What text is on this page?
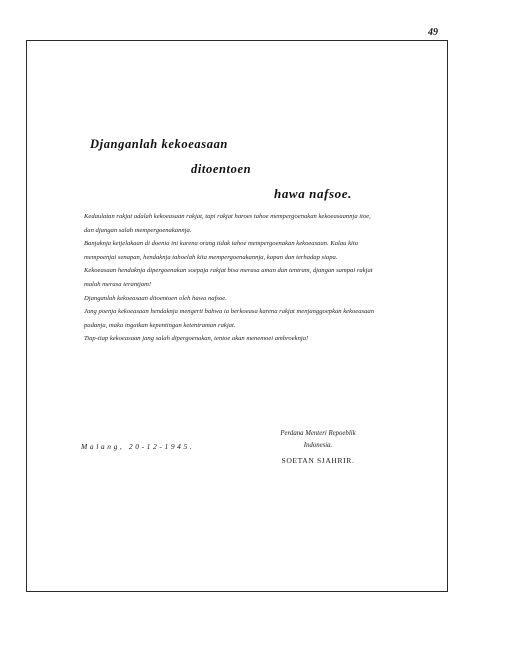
49
Djanganlah kekoeasaan
ditoentoen
hawa nafsoe.

Kedaulatan rakjat adalah kekoeasaan rakjat, tapi rakjat haroes tahoe mempergoenakan kekoeasaannja itoe, dan djangan salah mempergoenakannja.

Banjaknja ketjelakaan di doenia ini karena orang tidak tahoe mempergoenakan kekoeasaan. Kalau kita mempoenjai senapan, hendaknja tahoelah kita mempergoenakannja, kapan dan terhadap siapa.

Kekoeasaan hendaknja dipergoenakan soepaja rakjat bisa merasa aman dan tentram, djangan sampai rakjat malah merasa terantjam!

Djanganlah kekoeasaan ditoentoen oleh hawa nafsoe.

Jang poenja kekoeasaan hendaknja mengerti bahwa ia berkoeasa karena rakjat menjanggoepkan kekoeasaan padanja, maka ingatkan kepentingan ketentraman rakjat.

Tiap-tiap kekoeasaan jang salah dipergoenakan, tentoe akan menemoei ambroeknja!

Malang, 20-12-1945.
Perdana Menteri Repoeblik
Indonesia.
SOETAN SJAHRIR.
